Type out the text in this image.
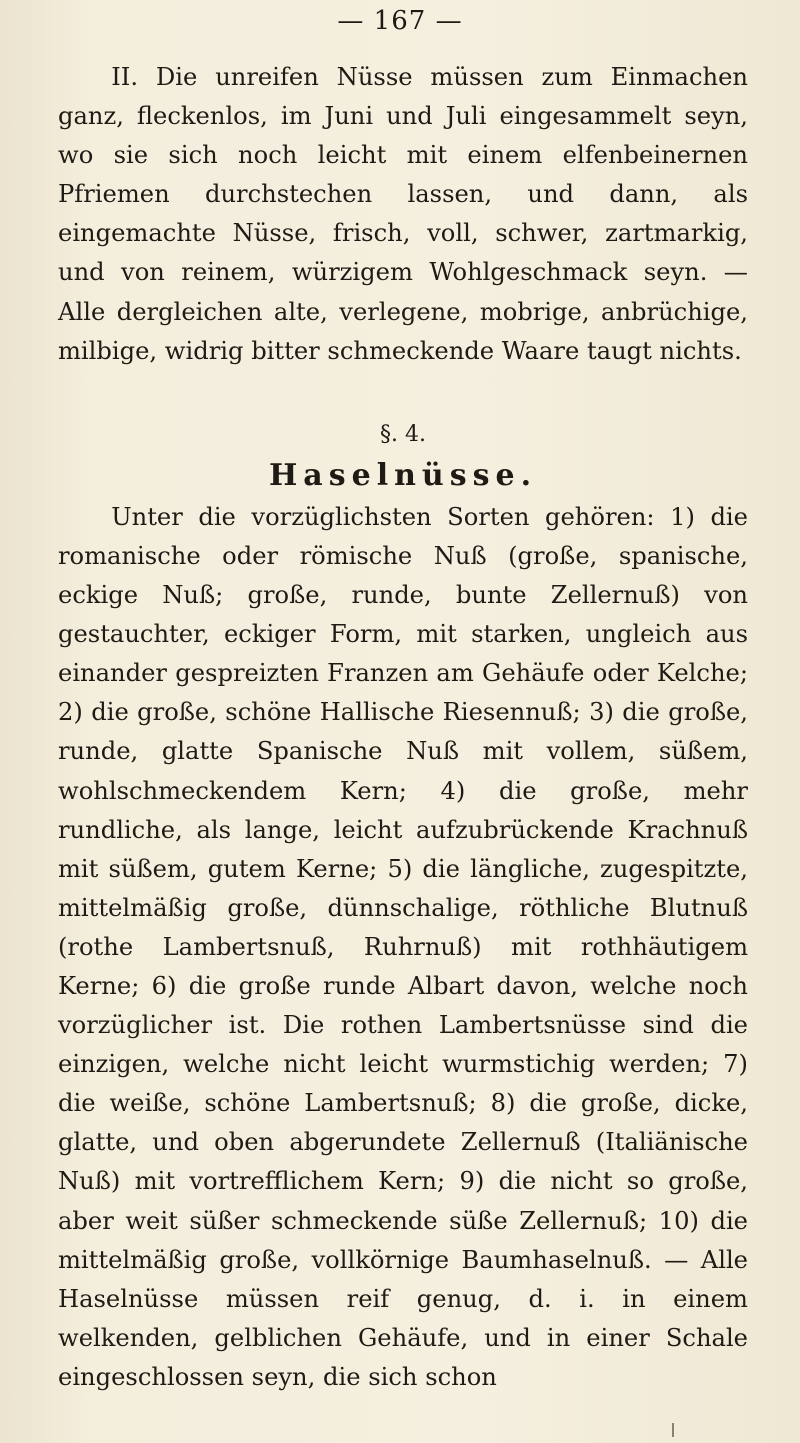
— 167 —

II. Die unreifen Nüsse müssen zum Einmachen ganz, fleckenlos, im Juni und Juli eingesammelt seyn, wo sie sich noch leicht mit einem elfenbeinernen Pfriemen durchstechen lassen, und dann, als eingemachte Nüsse, frisch, voll, schwer, zartmarkig, und von reinem, würzigem Wohlgeschmack seyn. — Alle dergleichen alte, verlegene, mobrige, anbrüchige, milbige, widrig bitter schmeckende Waare taugt nichts.

§. 4.

Haselnüsse.

Unter die vorzüglichsten Sorten gehören: 1) die romanische oder römische Nuß (große, spanische, eckige Nuß; große, runde, bunte Zellernuß) von gestauchter, eckiger Form, mit starken, ungleich aus einander gespreizten Franzen am Gehäufe oder Kelche; 2) die große, schöne Hallische Riesennuß; 3) die große, runde, glatte Spanische Nuß mit vollem, süßem, wohlschmeckendem Kern; 4) die große, mehr rundliche, als lange, leicht aufzubrückende Krachnuß mit süßem, gutem Kerne; 5) die längliche, zugespitzte, mittelmäßig große, dünnschalige, röthliche Blutnuß (rothe Lambertsnuß, Ruhrnuß) mit rothhäutigem Kerne; 6) die große runde Albart davon, welche noch vorzüglicher ist. Die rothen Lambertsnüsse sind die einzigen, welche nicht leicht wurmstichig werden; 7) die weiße, schöne Lambertsnuß; 8) die große, dicke, glatte, und oben abgerundete Zellernuß (Italiänische Nuß) mit vortrefflichem Kern; 9) die nicht so große, aber weit süßer schmeckende süße Zellernuß; 10) die mittelmäßig große, vollkörnige Baumhaselnuß. — Alle Haselnüsse müssen reif genug, d. i. in einem welkenden, gelblichen Gehäufe, und in einer Schale eingeschlossen seyn, die sich schon
